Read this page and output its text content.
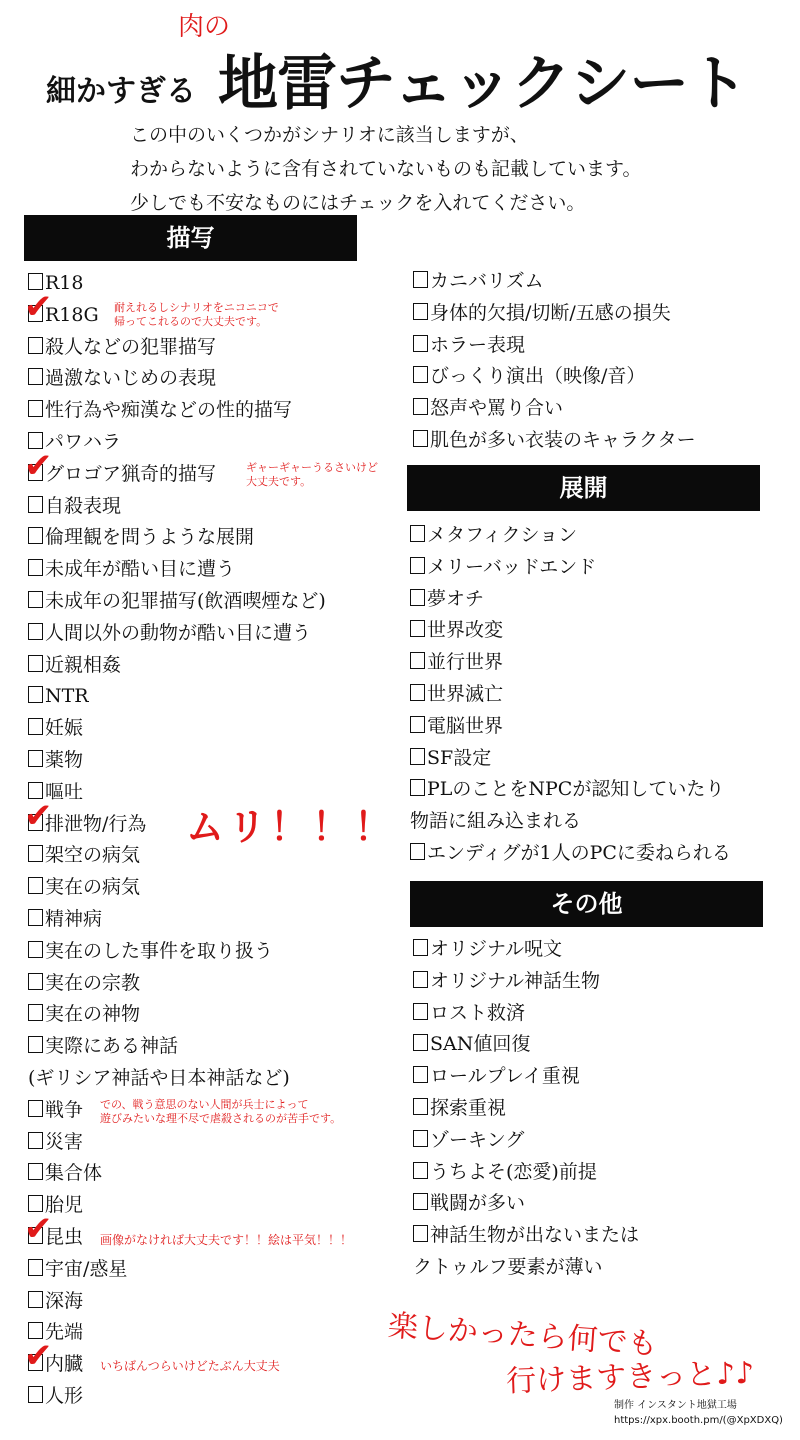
肉の
細かすぎる 地雷チェックシート
この中のいくつかがシナリオに該当しますが、
わからないように含有されていないものも記載しています。
少しでも不安なものにはチェックを入れてください。
描写
展開
その他
R18
✔
R18G
殺人などの犯罪描写
過激ないじめの表現
性行為や痴漢などの性的描写
パワハラ
✔
グロゴア猟奇的描写
自殺表現
倫理観を問うような展開
未成年が酷い目に遭う
未成年の犯罪描写(飲酒喫煙など)
人間以外の動物が酷い目に遭う
近親相姦
NTR
妊娠
薬物
嘔吐
✔
排泄物/行為
架空の病気
実在の病気
精神病
実在のした事件を取り扱う
実在の宗教
実在の神物
実際にある神話
(ギリシア神話や日本神話など)
戦争
災害
集合体
胎児
✔
昆虫
宇宙/惑星
深海
先端
✔
内臓
人形
カニバリズム
身体的欠損/切断/五感の損失
ホラー表現
びっくり演出（映像/音）
怒声や罵り合い
肌色が多い衣装のキャラクター
メタフィクション
メリーバッドエンド
夢オチ
世界改変
並行世界
世界滅亡
電脳世界
SF設定
PLのことをNPCが認知していたり
物語に組み込まれる
エンディグが1人のPCに委ねられる
オリジナル呪文
オリジナル神話生物
ロスト救済
SAN値回復
ロールプレイ重視
探索重視
ゾーキング
うちよそ(恋愛)前提
戦闘が多い
神話生物が出ないまたは
クトゥルフ要素が薄い
耐えれるしシナリオをニコニコで
帰ってこれるので大丈夫です。
ギャーギャーうるさいけど
大丈夫です。
ムリ！！！
での、戦う意思のない人間が兵士によって
遊びみたいな理不尽で虐殺されるのが苦手です。
画像がなければ大丈夫です！！絵は平気！！！
いちばんつらいけどたぶん大丈夫
楽しかったら何でも
行けますきっと♪♪
制作 インスタント地獄工場
https://xpx.booth.pm/(@XpXDXQ)
